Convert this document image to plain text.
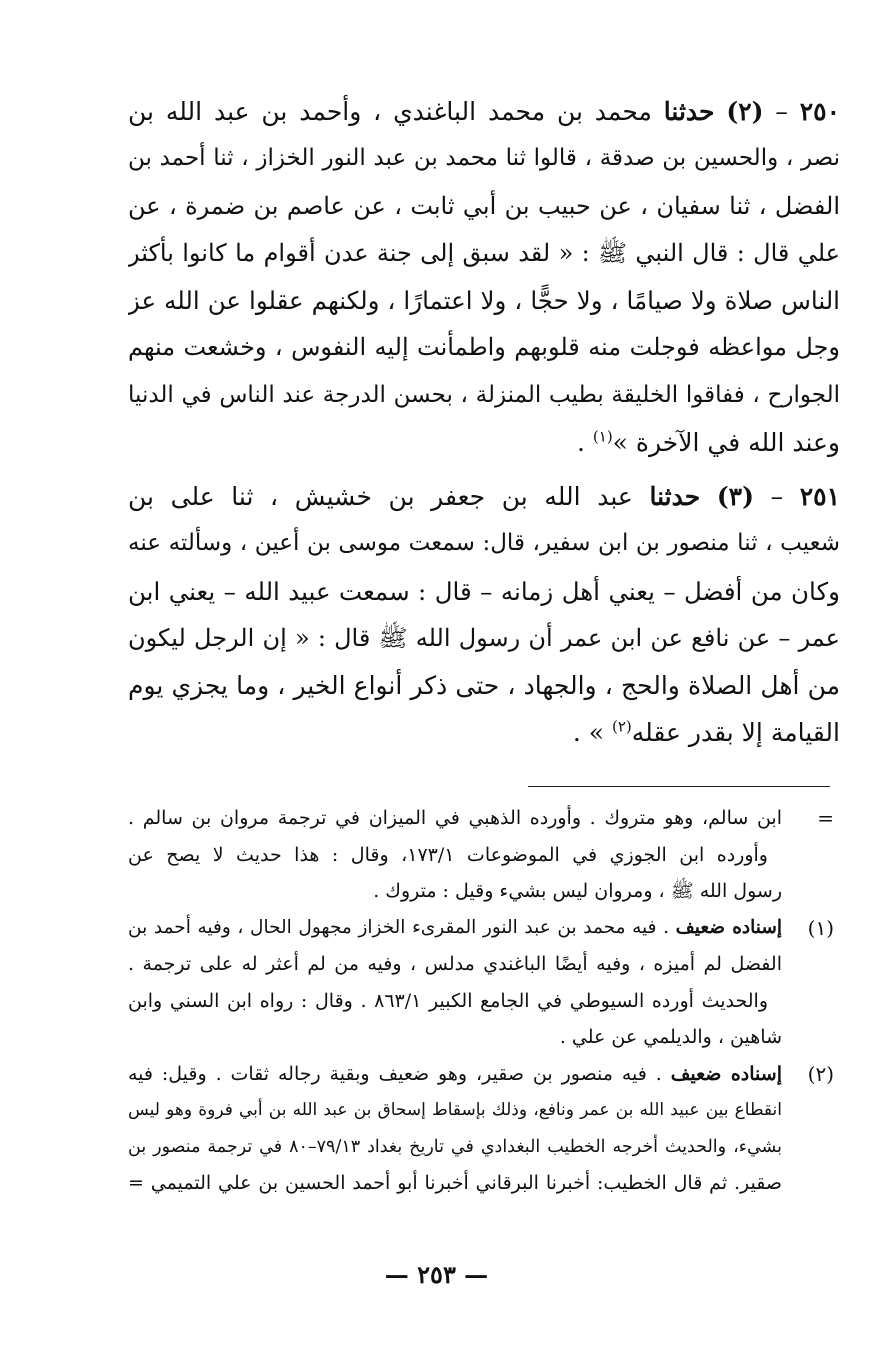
٢٥٠ – (٢) حدثنا محمد بن محمد الباغندي ، وأحمد بن عبد الله بن
نصر ، والحسين بن صدقة ، قالوا ثنا محمد بن عبد النور الخزاز ، ثنا أحمد بن
الفضل ، ثنا سفيان ، عن حبيب بن أبي ثابت ، عن عاصم بن ضمرة ، عن
علي قال : قال النبي ﷺ : « لقد سبق إلى جنة عدن أقوام ما كانوا بأكثر
الناس صلاة ولا صيامًا ، ولا حجًّا ، ولا اعتمارًا ، ولكنهم عقلوا عن الله عز
وجل مواعظه فوجلت منه قلوبهم واطمأنت إليه النفوس ، وخشعت منهم
الجوارح ، ففاقوا الخليقة بطيب المنزلة ، بحسن الدرجة عند الناس في الدنيا
وعند الله في الآخرة »$^{(١)}$ .
٢٥١ – (٣) حدثنا عبد الله بن جعفر بن خشيش ، ثنا على بن
شعيب ، ثنا منصور بن ابن سفير، قال: سمعت موسى بن أعين ، وسألته عنه
وكان من أفضل – يعني أهل زمانه – قال : سمعت عبيد الله – يعني ابن
عمر – عن نافع عن ابن عمر أن رسول الله ﷺ قال : « إن الرجل ليكون
من أهل الصلاة والحج ، والجهاد ، حتى ذكر أنواع الخير ، وما يجزي يوم
القيامة إلا بقدر عقله$^{(٢)}$ » .
=
ابن سالم، وهو متروك . وأورده الذهبي في الميزان في ترجمة مروان بن سالم .
وأورده ابن الجوزي في الموضوعات ١٧٣/١، وقال : هذا حديث لا يصح عن
رسول الله ﷺ ، ومروان ليس بشيء وقيل : متروك .
(١)
إسناده ضعيف . فيه محمد بن عبد النور المقرىء الخزاز مجهول الحال ، وفيه أحمد بن
الفضل لم أميزه ، وفيه أيضًا الباغندي مدلس ، وفيه من لم أعثر له على ترجمة .
والحديث أورده السيوطي في الجامع الكبير ٨٦٣/١ . وقال : رواه ابن السني وابن
شاهين ، والديلمي عن علي .
(٢)
إسناده ضعيف . فيه منصور بن صقير، وهو ضعيف وبقية رجاله ثقات . وقيل: فيه
انقطاع بين عبيد الله بن عمر ونافع، وذلك بإسقاط إسحاق بن عبد الله بن أبي فروة وهو ليس
بشيء، والحديث أخرجه الخطيب البغدادي في تاريخ بغداد ٧٩/١٣–٨٠ في ترجمة منصور بن
صقير. ثم قال الخطيب: أخبرنا البرقاني أخبرنا أبو أحمد الحسين بن علي التميمي =
— ٢٥٣ —
